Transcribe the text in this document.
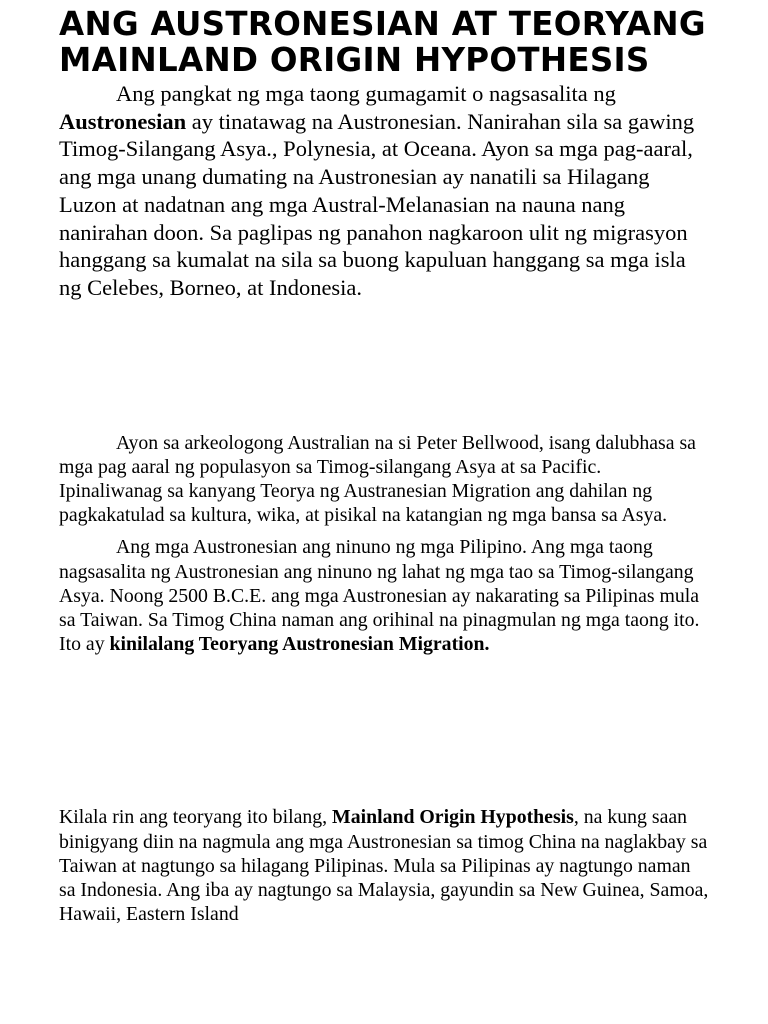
ANG AUSTRONESIAN AT TEORYANG MAINLAND ORIGIN HYPOTHESIS

Ang pangkat ng mga taong gumagamit o nagsasalita ng Austronesian ay tinatawag na Austronesian. Nanirahan sila sa gawing Timog-Silangang Asya., Polynesia, at Oceana. Ayon sa mga pag-aaral, ang mga unang dumating na Austronesian ay nanatili sa Hilagang Luzon at nadatnan ang mga Austral-Melanasian na nauna nang nanirahan doon. Sa paglipas ng panahon nagkaroon ulit ng migrasyon hanggang sa kumalat na sila sa buong kapuluan hanggang sa mga isla ng Celebes, Borneo, at Indonesia.

Ayon sa arkeologong Australian na si Peter Bellwood, isang dalubhasa sa mga pag aaral ng populasyon sa Timog-silangang Asya at sa Pacific. Ipinaliwanag sa kanyang Teorya ng Austranesian Migration ang dahilan ng pagkakatulad sa kultura, wika, at pisikal na katangian ng mga bansa sa Asya.

Ang mga Austronesian ang ninuno ng mga Pilipino. Ang mga taong nagsasalita ng Austronesian ang ninuno ng lahat ng mga tao sa Timog-silangang Asya. Noong 2500 B.C.E. ang mga Austronesian ay nakarating sa Pilipinas mula sa Taiwan. Sa Timog China naman ang orihinal na pinagmulan ng mga taong ito. Ito ay kinilalang Teoryang Austronesian Migration.

Kilala rin ang teoryang ito bilang, Mainland Origin Hypothesis, na kung saan binigyang diin na nagmula ang mga Austronesian sa timog China na naglakbay sa Taiwan at nagtungo sa hilagang Pilipinas. Mula sa Pilipinas ay nagtungo naman sa Indonesia. Ang iba ay nagtungo sa Malaysia, gayundin sa New Guinea, Samoa, Hawaii, Eastern Island
